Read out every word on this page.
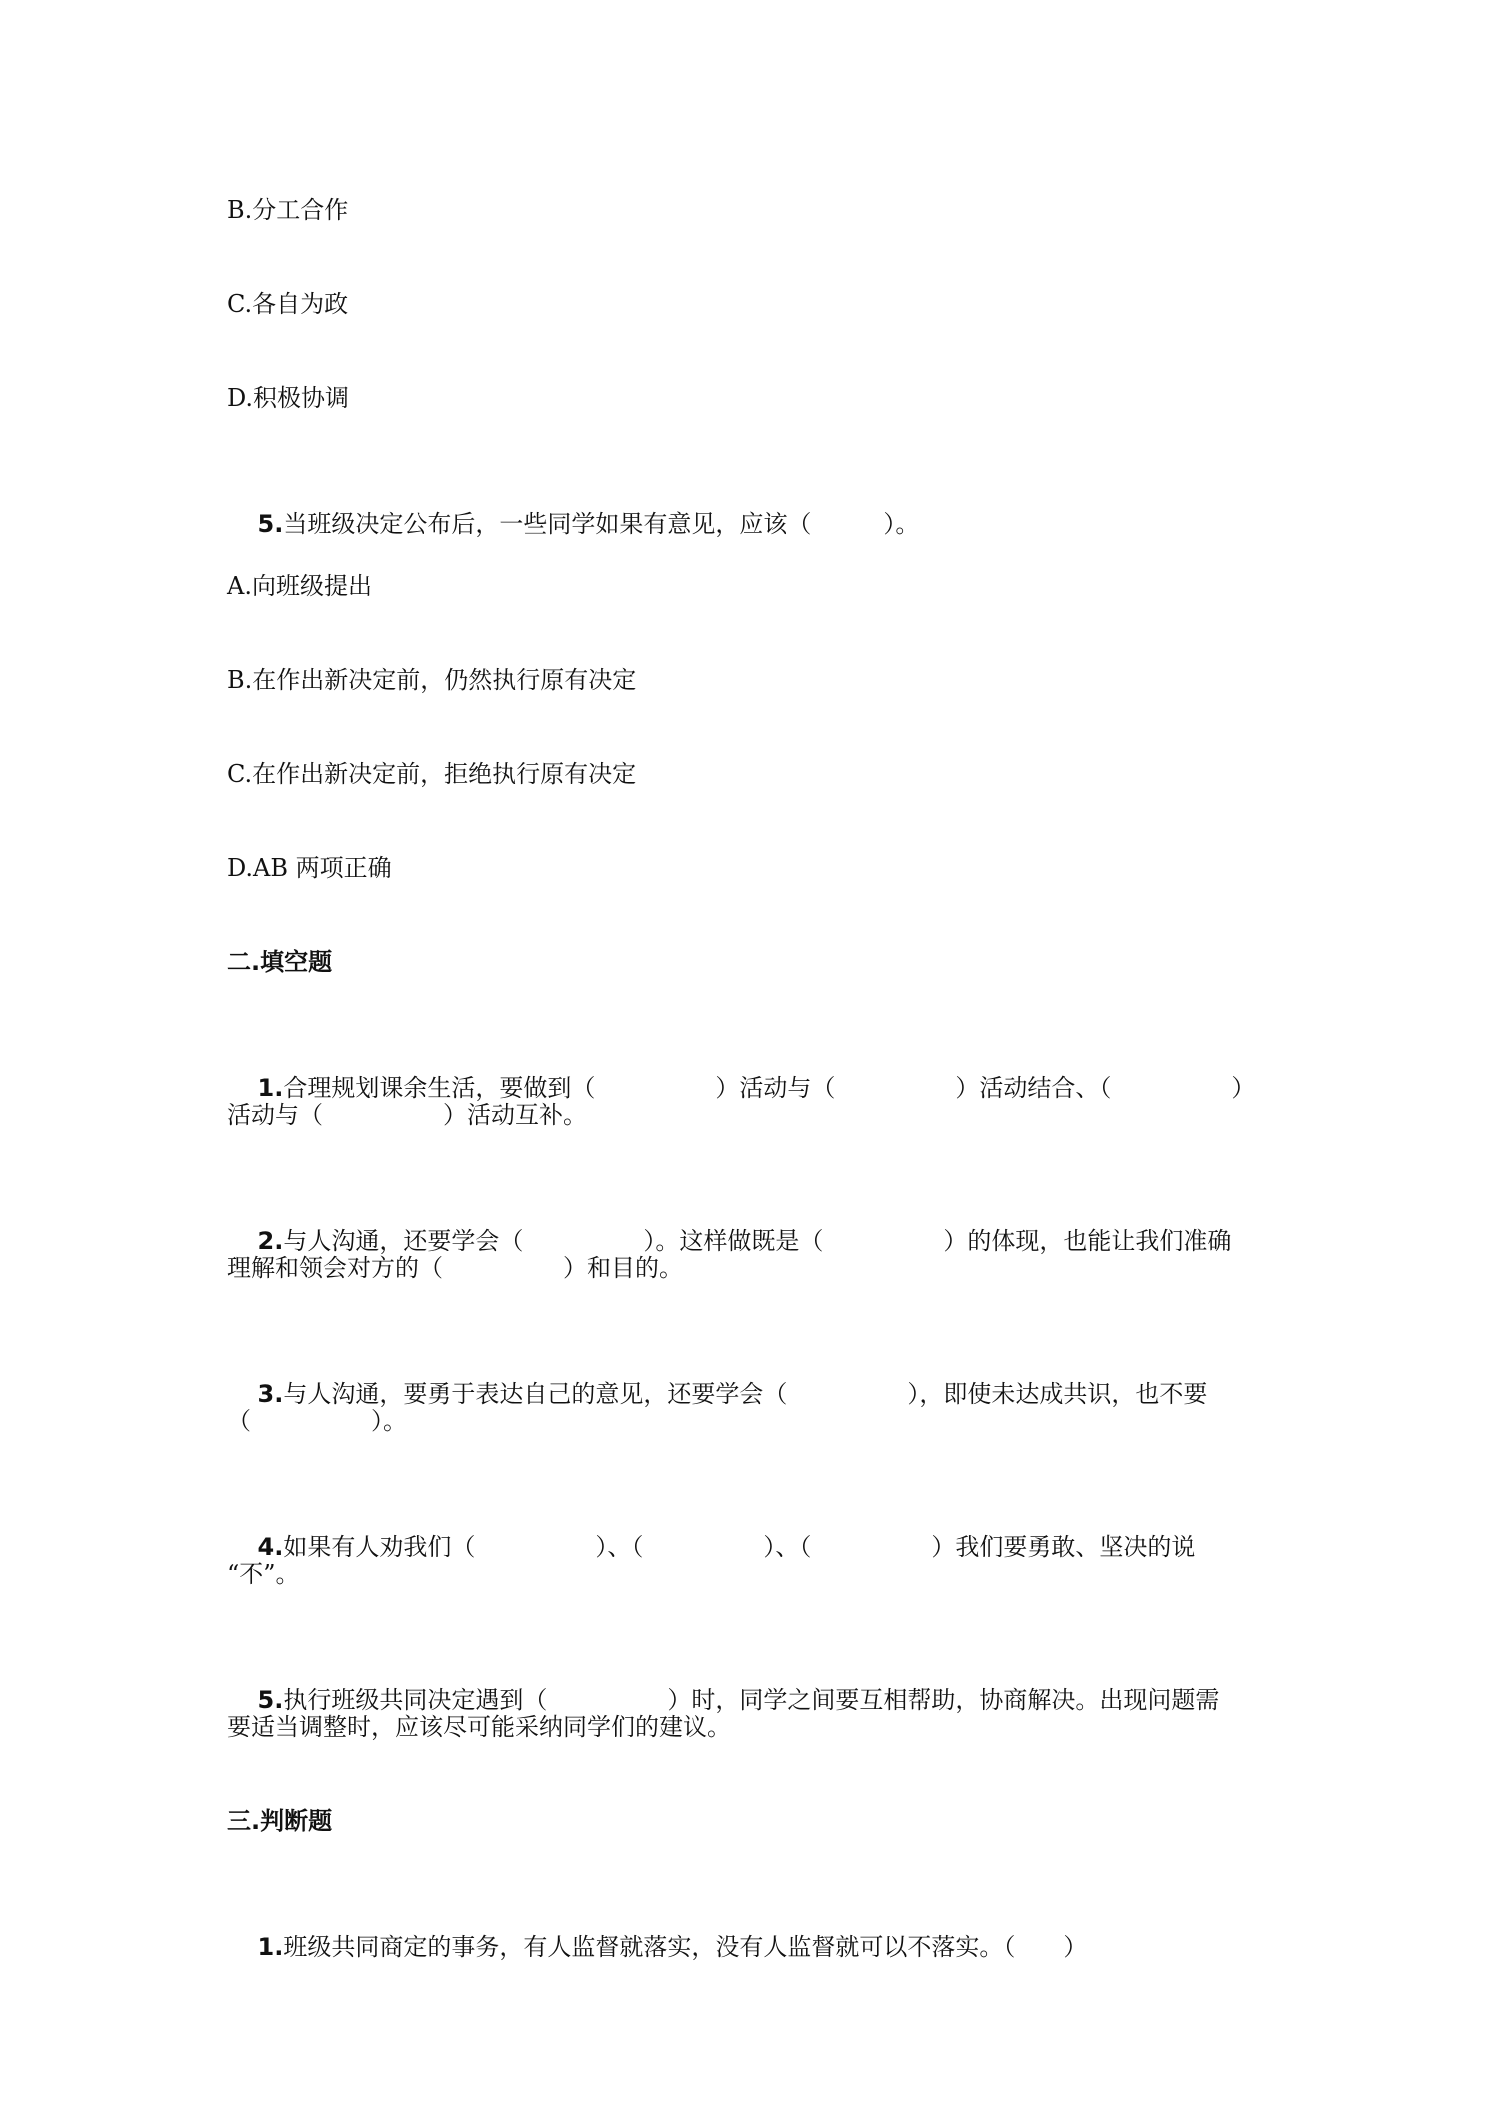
B.分工合作
C.各自为政
D.积极协调

5.当班级决定公布后，一些同学如果有意见，应该（　　　）。

A.向班级提出
B.在作出新决定前，仍然执行原有决定
C.在作出新决定前，拒绝执行原有决定
D.AB 两项正确
二.填空题

1.合理规划课余生活，要做到（　　　　　）活动与（　　　　　）活动结合、（　　　　　）

活动与（　　　　　）活动互补。

2.与人沟通，还要学会（　　　　　）。这样做既是（　　　　　）的体现，也能让我们准确

理解和领会对方的（　　　　　）和目的。

3.与人沟通，要勇于表达自己的意见，还要学会（　　　　　），即使未达成共识，也不要

（　　　　　）。

4.如果有人劝我们（　　　　　）、（　　　　　）、（　　　　　）我们要勇敢、坚决的说

“不”。

5.执行班级共同决定遇到（　　　　　）时，同学之间要互相帮助，协商解决。出现问题需

要适当调整时，应该尽可能采纳同学们的建议。
三.判断题

1.班级共同商定的事务，有人监督就落实，没有人监督就可以不落实。（　　）
